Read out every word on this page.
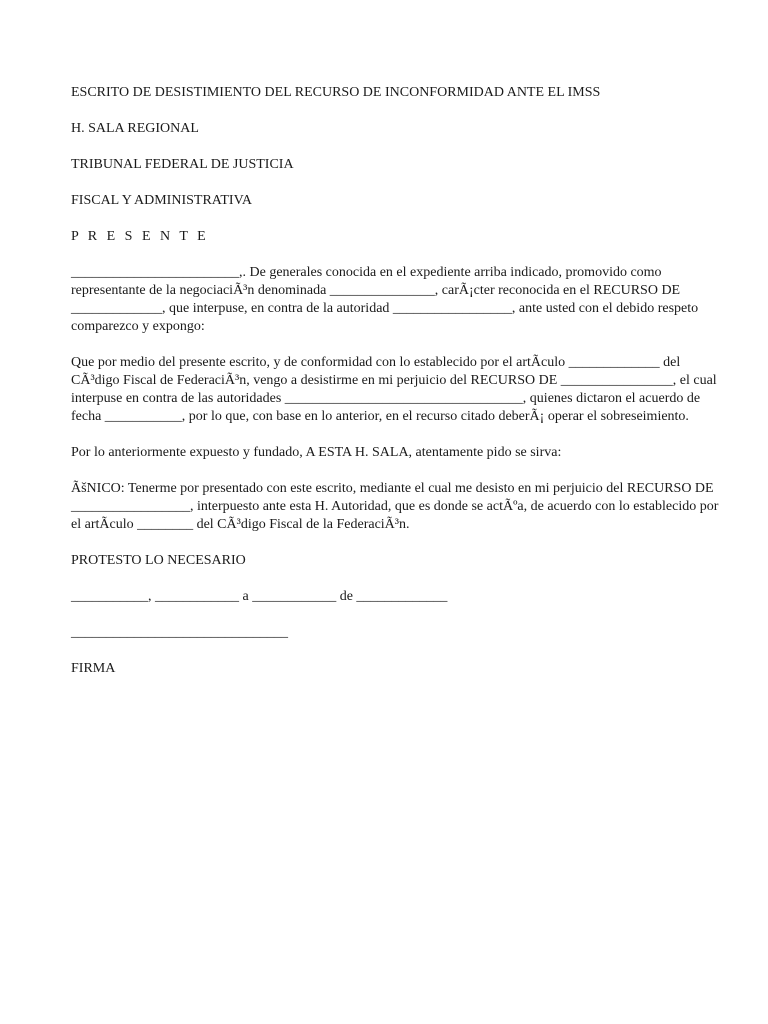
ESCRITO DE DESISTIMIENTO DEL RECURSO DE INCONFORMIDAD ANTE EL IMSS

H. SALA REGIONAL

TRIBUNAL FEDERAL DE JUSTICIA

FISCAL Y ADMINISTRATIVA

P R E S E N T E

________________________,. De generales conocida en el expediente arriba indicado, promovido como representante de la negociaciÃ³n denominada _______________, carÃ¡cter reconocida en el RECURSO DE _____________, que interpuse, en contra de la autoridad _________________, ante usted con el debido respeto comparezco y expongo:

Que por medio del presente escrito, y de conformidad con lo establecido por el artÃculo _____________ del CÃ³digo Fiscal de FederaciÃ³n, vengo a desistirme en mi perjuicio del RECURSO DE ________________, el cual interpuse en contra de las autoridades __________________________________, quienes dictaron el acuerdo de fecha ___________, por lo que, con base en lo anterior, en el recurso citado deberÃ¡ operar el sobreseimiento.

Por lo anteriormente expuesto y fundado, A ESTA H. SALA, atentamente pido se sirva:

ÃšNICO: Tenerme por presentado con este escrito, mediante el cual me desisto en mi perjuicio del RECURSO DE _________________, interpuesto ante esta H. Autoridad, que es donde se actÃºa, de acuerdo con lo establecido por el artÃculo ________ del CÃ³digo Fiscal de la FederaciÃ³n.

PROTESTO LO NECESARIO

___________, ____________ a ____________ de _____________

_______________________________

FIRMA
